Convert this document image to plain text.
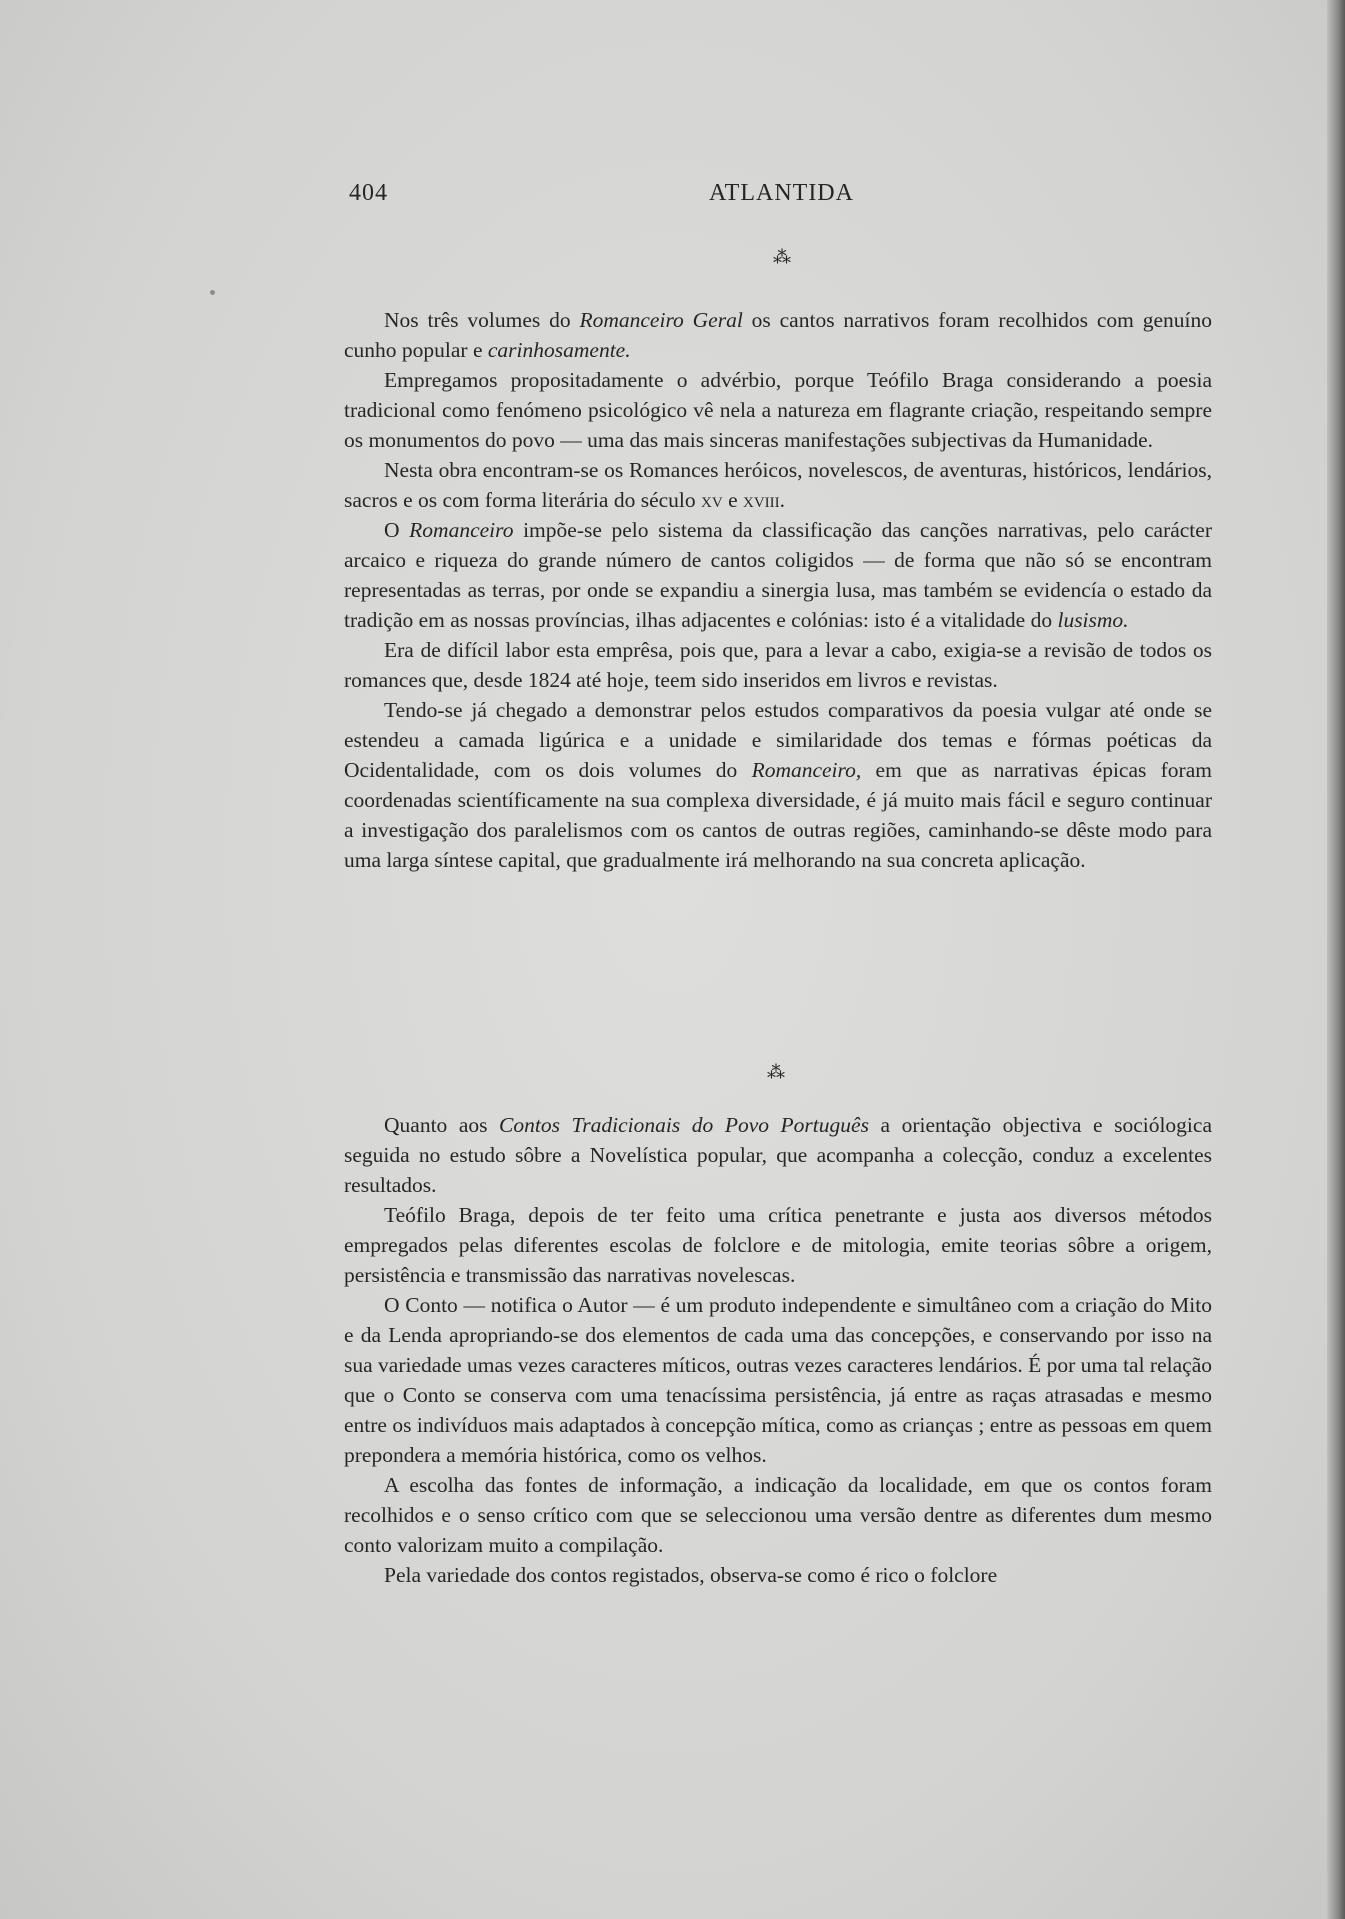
404	ATLANTIDA
⁂

Nos três volumes do Romanceiro Geral os cantos narrativos foram recolhidos com genuíno cunho popular e carinhosamente.

Empregamos propositadamente o advérbio, porque Teófilo Braga considerando a poesia tradicional como fenómeno psicológico vê nela a natureza em flagrante criação, respeitando sempre os monumentos do povo — uma das mais sinceras manifestações subjectivas da Humanidade.

Nesta obra encontram-se os Romances heróicos, novelescos, de aventuras, históricos, lendários, sacros e os com forma literária do século xv e xviii.

O Romanceiro impõe-se pelo sistema da classificação das canções narrativas, pelo carácter arcaico e riqueza do grande número de cantos coligidos — de forma que não só se encontram representadas as terras, por onde se expandiu a sinergia lusa, mas também se evidencía o estado da tradição em as nossas províncias, ilhas adjacentes e colónias: isto é a vitalidade do lusismo.

Era de difícil labor esta emprêsa, pois que, para a levar a cabo, exigia-se a revisão de todos os romances que, desde 1824 até hoje, teem sido inseridos em livros e revistas.

Tendo-se já chegado a demonstrar pelos estudos comparativos da poesia vulgar até onde se estendeu a camada ligúrica e a unidade e similaridade dos temas e fórmas poéticas da Ocidentalidade, com os dois volumes do Romanceiro, em que as narrativas épicas foram coordenadas scientíficamente na sua complexa diversidade, é já muito mais fácil e seguro continuar a investigação dos paralelismos com os cantos de outras regiões, caminhando-se dêste modo para uma larga síntese capital, que gradualmente irá melhorando na sua concreta aplicação.

⁂

Quanto aos Contos Tradicionais do Povo Português a orientação objectiva e sociólogica seguida no estudo sôbre a Novelística popular, que acompanha a colecção, conduz a excelentes resultados.

Teófilo Braga, depois de ter feito uma crítica penetrante e justa aos diversos métodos empregados pelas diferentes escolas de folclore e de mitologia, emite teorias sôbre a origem, persistência e transmissão das narrativas novelescas.

O Conto — notifica o Autor — é um produto independente e simultâneo com a criação do Mito e da Lenda apropriando-se dos elementos de cada uma das concepções, e conservando por isso na sua variedade umas vezes caracteres míticos, outras vezes caracteres lendários. É por uma tal relação que o Conto se conserva com uma tenacíssima persistência, já entre as raças atrasadas e mesmo entre os indivíduos mais adaptados à concepção mítica, como as crianças ; entre as pessoas em quem prepondera a memória histórica, como os velhos.

A escolha das fontes de informação, a indicação da localidade, em que os contos foram recolhidos e o senso crítico com que se seleccionou uma versão dentre as diferentes dum mesmo conto valorizam muito a compilação.

Pela variedade dos contos registados, observa-se como é rico o folclore
